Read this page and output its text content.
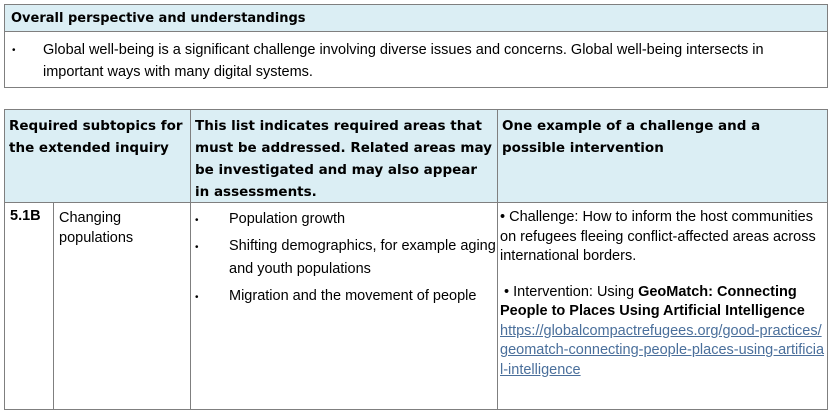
Overall perspective and understandings
• Global well-being is a significant challenge involving diverse issues and concerns. Global well-being intersects in important ways with many digital systems.
Required subtopics for the extended inquiry
This list indicates required areas that must be addressed. Related areas may be investigated and may also appear in assessments.
One example of a challenge and a possible intervention
5.1B	Changing populations
• Population growth
• Shifting demographics, for example aging and youth populations
• Migration and the movement of people

• Challenge: How to inform the host communities on refugees fleeing conflict-affected areas across international borders.

• Intervention: Using GeoMatch: Connecting People to Places Using Artificial Intelligence

https://globalcompactrefugees.org/good-practices/geomatch-connecting-people-places-using-artificial-intelligence
